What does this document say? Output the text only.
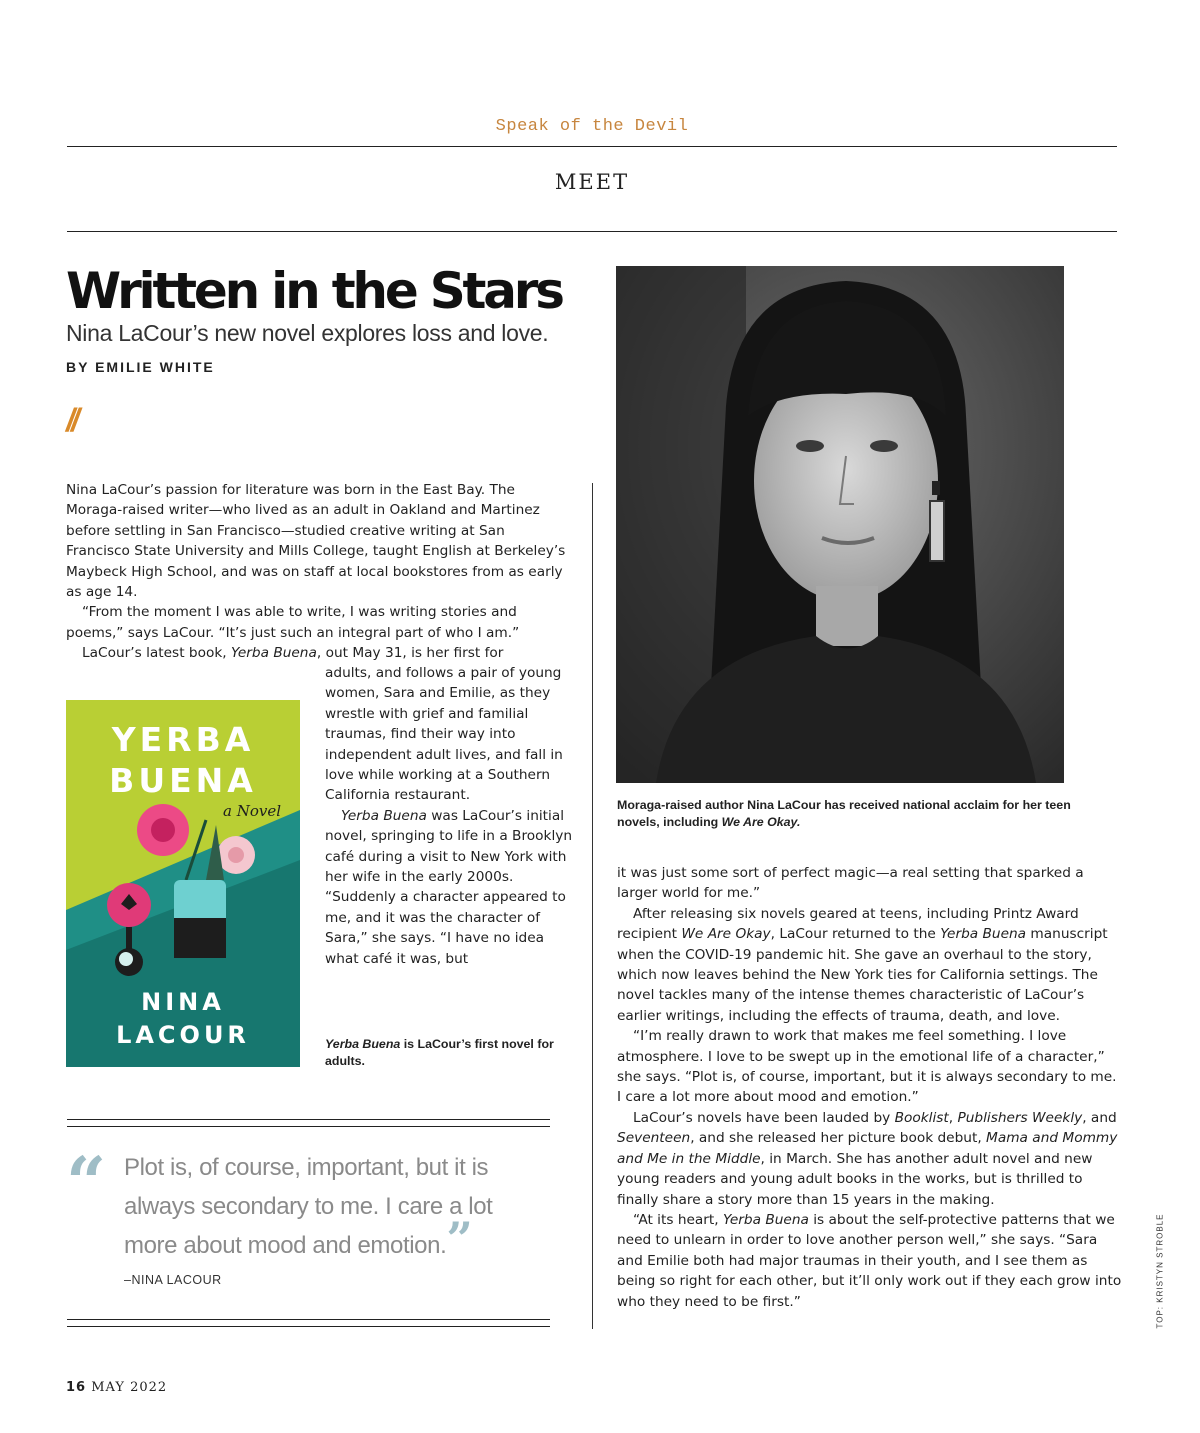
Speak of the Devil
MEET
Written in the Stars
Nina LaCour’s new novel explores loss and love.
BY EMILIE WHITE
//

Nina LaCour’s passion for literature was born in the East Bay. The Moraga-raised writer—who lived as an adult in Oakland and Martinez before settling in San Francisco—studied creative writing at San Francisco State University and Mills College, taught English at Berkeley’s Maybeck High School, and was on staff at local bookstores from as early as age 14.

“From the moment I was able to write, I was writing stories and poems,” says LaCour. “It’s just such an integral part of who I am.”

LaCour’s latest book, Yerba Buena, out May 31, is her first for

adults, and follows a pair of young women, Sara and Emilie, as they wrestle with grief and familial traumas, find their way into independent adult lives, and fall in love while working at a Southern California restaurant.

Yerba Buena was LaCour’s initial novel, springing to life in a Brooklyn café during a visit to New York with her wife in the early 2000s. “Suddenly a character appeared to me, and it was the character of Sara,” she says. “I have no idea what café it was, but

YERBA
BUENA
a Novel
NINA
LACOUR	Yerba Buena is LaCour’s first novel for adults.
Moraga-raised author Nina LaCour has received national acclaim for her teen novels, including We Are Okay.
“ Plot is, of course, important, but it is always secondary to me. I care a lot more about mood and emotion.”
–NINA LACOUR

it was just some sort of perfect magic—a real setting that sparked a larger world for me.”

After releasing six novels geared at teens, including Printz Award recipient We Are Okay, LaCour returned to the Yerba Buena manuscript when the COVID-19 pandemic hit. She gave an overhaul to the story, which now leaves behind the New York ties for California settings. The novel tackles many of the intense themes characteristic of LaCour’s earlier writings, including the effects of trauma, death, and love.

“I’m really drawn to work that makes me feel something. I love atmosphere. I love to be swept up in the emotional life of a character,” she says. “Plot is, of course, important, but it is always secondary to me. I care a lot more about mood and emotion.”

LaCour’s novels have been lauded by Booklist, Publishers Weekly, and Seventeen, and she released her picture book debut, Mama and Mommy and Me in the Middle, in March. She has another adult novel and new young readers and young adult books in the works, but is thrilled to finally share a story more than 15 years in the making.

“At its heart, Yerba Buena is about the self-protective patterns that we need to unlearn in order to love another person well,” she says. “Sara and Emilie both had major traumas in their youth, and I see them as being so right for each other, but it’ll only work out if they each grow into who they need to be first.”

16 MAY 2022
TOP: KRISTYN STROBLE
